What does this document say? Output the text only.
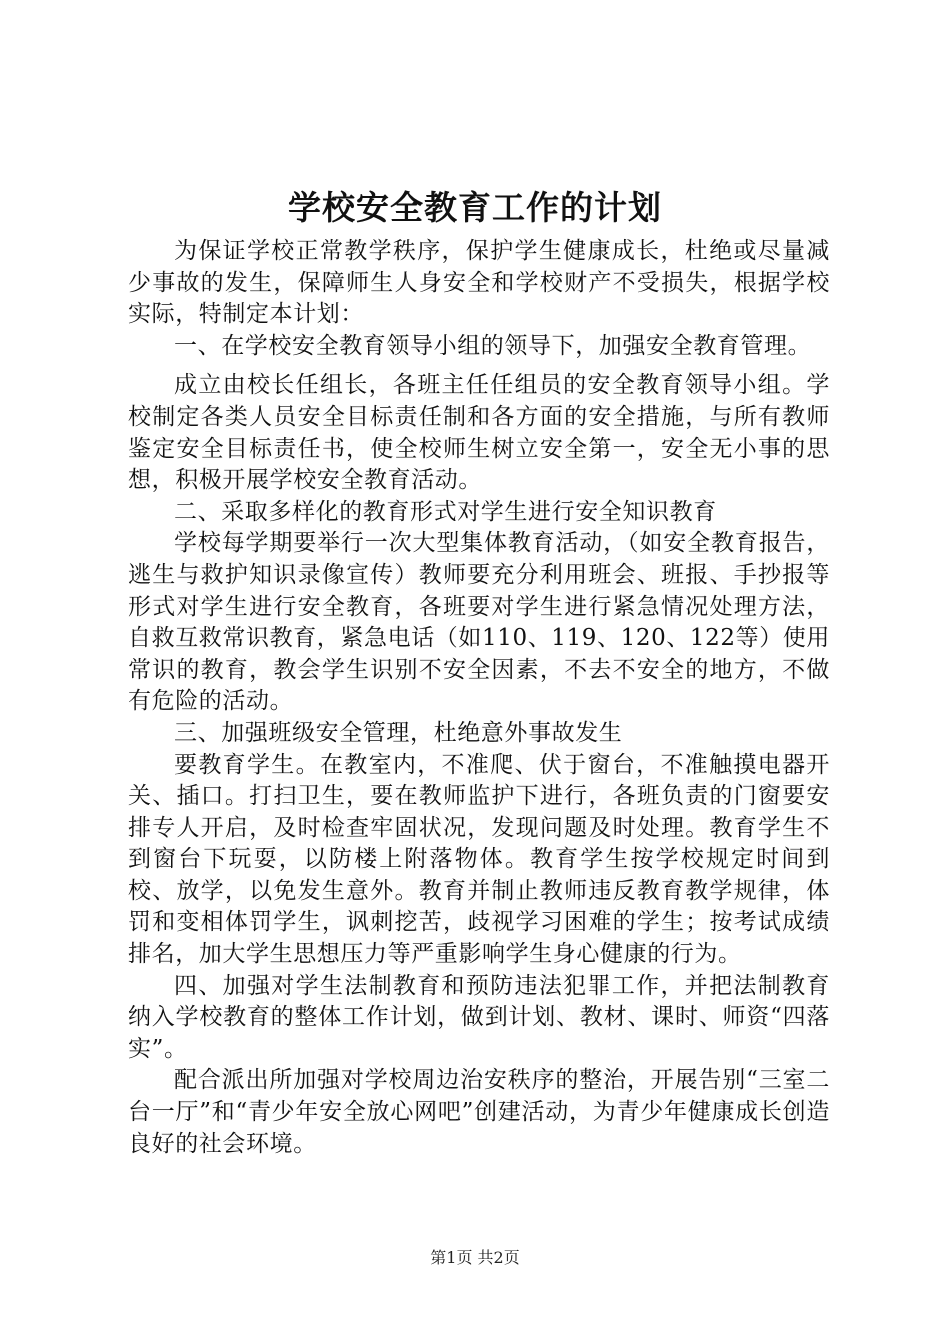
学校安全教育工作的计划

为保证学校正常教学秩序，保护学生健康成长，杜绝或尽量减少事故的发生，保障师生人身安全和学校财产不受损失，根据学校实际，特制定本计划：

一、在学校安全教育领导小组的领导下，加强安全教育管理。

成立由校长任组长，各班主任任组员的安全教育领导小组。学校制定各类人员安全目标责任制和各方面的安全措施，与所有教师鉴定安全目标责任书，使全校师生树立安全第一，安全无小事的思想，积极开展学校安全教育活动。

二、采取多样化的教育形式对学生进行安全知识教育

学校每学期要举行一次大型集体教育活动，（如安全教育报告，逃生与救护知识录像宣传）教师要充分利用班会、班报、手抄报等形式对学生进行安全教育，各班要对学生进行紧急情况处理方法，自救互救常识教育，紧急电话（如110、119、120、122等）使用常识的教育，教会学生识别不安全因素，不去不安全的地方，不做有危险的活动。

三、加强班级安全管理，杜绝意外事故发生

要教育学生。在教室内，不准爬、伏于窗台，不准触摸电器开关、插口。打扫卫生，要在教师监护下进行，各班负责的门窗要安排专人开启，及时检查牢固状况，发现问题及时处理。教育学生不到窗台下玩耍，以防楼上附落物体。教育学生按学校规定时间到校、放学，以免发生意外。教育并制止教师违反教育教学规律，体罚和变相体罚学生，讽刺挖苦，歧视学习困难的学生；按考试成绩排名，加大学生思想压力等严重影响学生身心健康的行为。

四、加强对学生法制教育和预防违法犯罪工作，并把法制教育纳入学校教育的整体工作计划，做到计划、教材、课时、师资“四落实”。

配合派出所加强对学校周边治安秩序的整治，开展告别“三室二台一厅”和“青少年安全放心网吧”创建活动，为青少年健康成长创造良好的社会环境。

第1页 共2页
